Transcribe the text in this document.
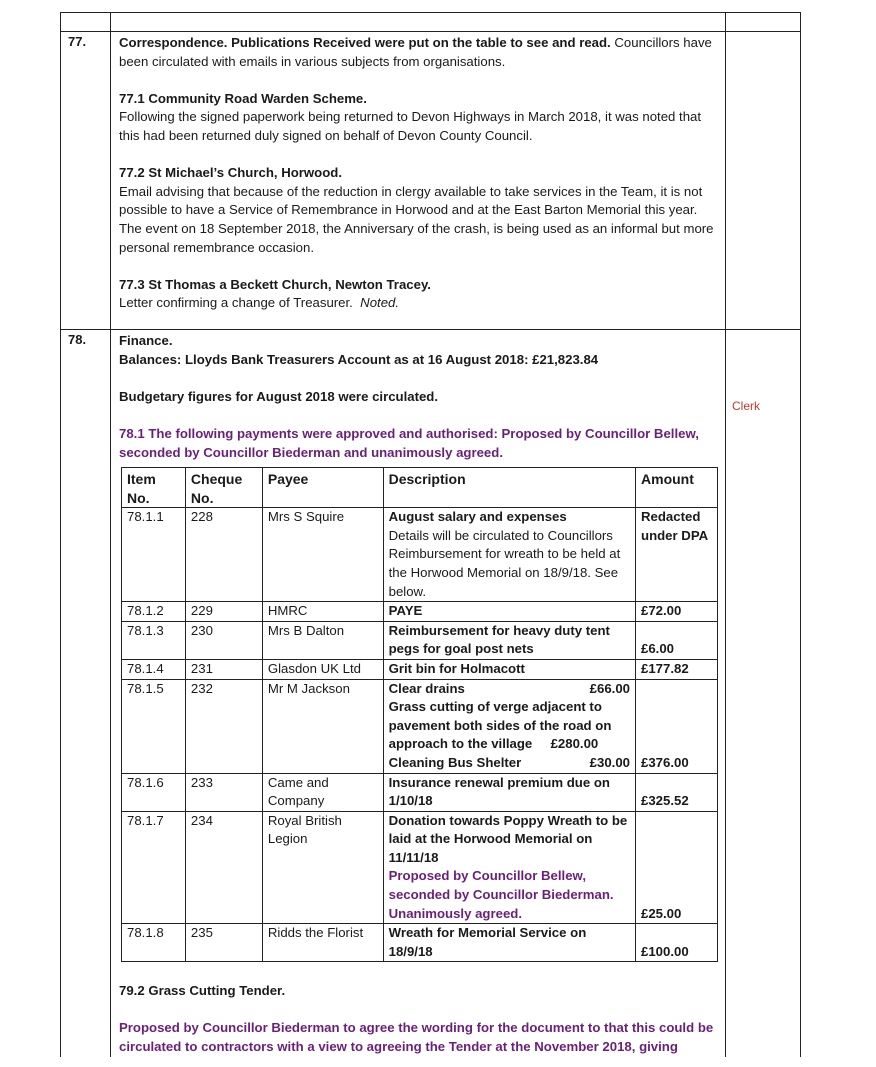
77. Correspondence. Publications Received were put on the table to see and read. Councillors have been circulated with emails in various subjects from organisations.

77.1 Community Road Warden Scheme.

Following the signed paperwork being returned to Devon Highways in March 2018, it was noted that this had been returned duly signed on behalf of Devon County Council.

77.2 St Michael’s Church, Horwood.

Email advising that because of the reduction in clergy available to take services in the Team, it is not possible to have a Service of Remembrance in Horwood and at the East Barton Memorial this year. The event on 18 September 2018, the Anniversary of the crash, is being used as an informal but more personal remembrance occasion.

77.3 St Thomas a Beckett Church, Newton Tracey.

Letter confirming a change of Treasurer. Noted.

78. Finance.

Balances: Lloyds Bank Treasurers Account as at 16 August 2018: £21,823.84

Budgetary figures for August 2018 were circulated.

78.1 The following payments were approved and authorised: Proposed by Councillor Bellew, seconded by Councillor Biederman and unanimously agreed.

Clerk
Item No.	Cheque No.	Payee	Description	Amount
78.1.1	228	Mrs S Squire	August salary and expenses
Details will be circulated to Councillors Reimbursement for wreath to be held at the Horwood Memorial on 18/9/18. See below.	Redacted under DPA
78.1.2	229	HMRC	PAYE	£72.00
78.1.3	230	Mrs B Dalton	Reimbursement for heavy duty tent pegs for goal post nets	£6.00
78.1.4	231	Glasdon UK Ltd	Grit bin for Holmacott	£177.82
78.1.5	232	Mr M Jackson	Clear drains £66.00
Grass cutting of verge adjacent to pavement both sides of the road on approach to the village £280.00
Cleaning Bus Shelter £30.00	£376.00
78.1.6	233	Came and Company	Insurance renewal premium due on 1/10/18	£325.52
78.1.7	234	Royal British Legion	Donation towards Poppy Wreath to be laid at the Horwood Memorial on 11/11/18
Proposed by Councillor Bellew, seconded by Councillor Biederman. Unanimously agreed.	£25.00
78.1.8	235	Ridds the Florist	Wreath for Memorial Service on 18/9/18	£100.00

79.2 Grass Cutting Tender.

Proposed by Councillor Biederman to agree the wording for the document to that this could be circulated to contractors with a view to agreeing the Tender at the November 2018, giving
